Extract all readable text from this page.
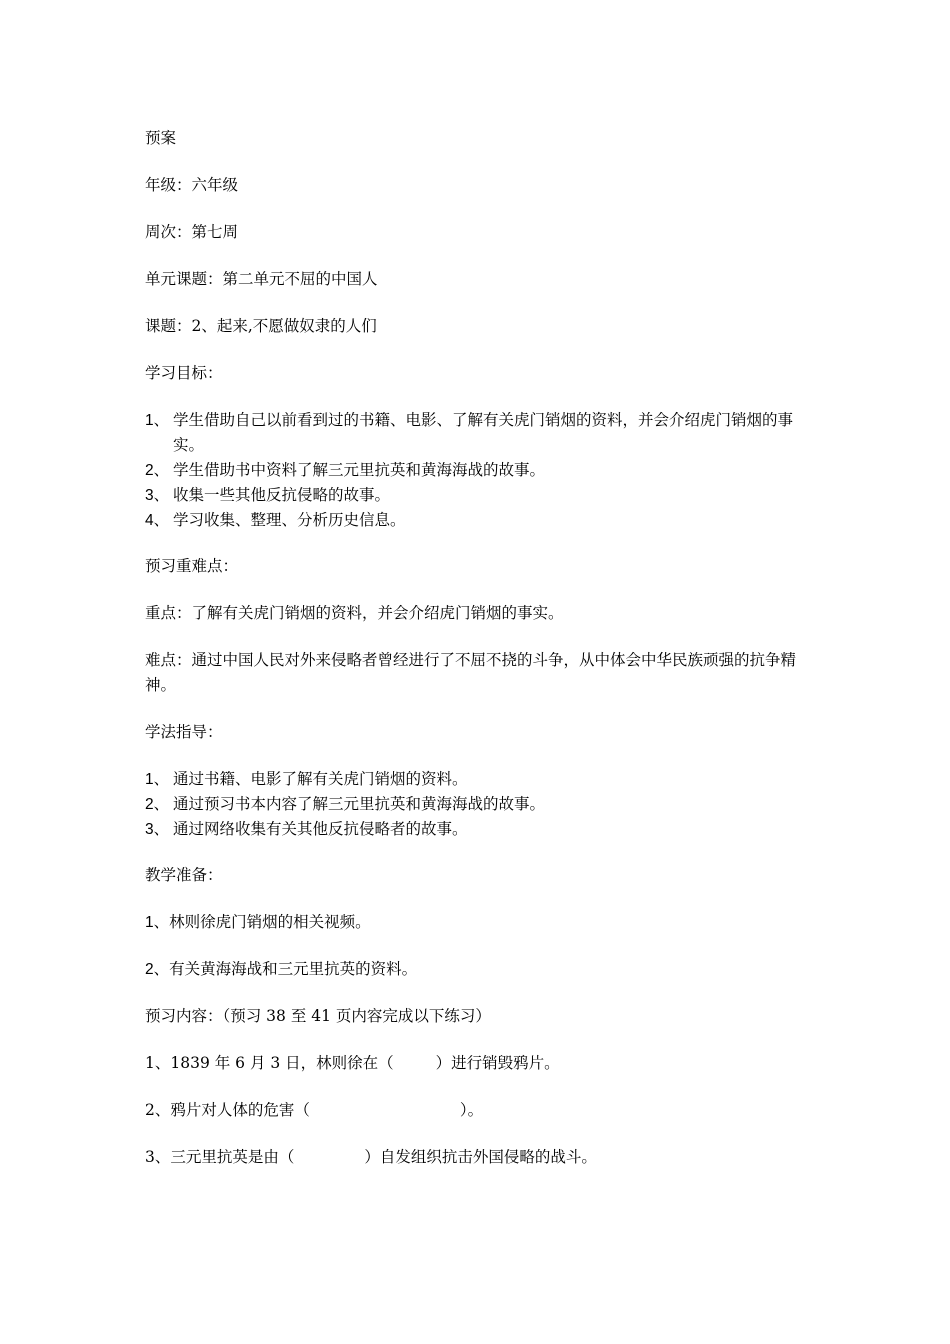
预案

年级：六年级

周次：第七周

单元课题：第二单元不屈的中国人

课题：2、起来,不愿做奴隶的人们

学习目标：

1、 学生借助自己以前看到过的书籍、电影、了解有关虎门销烟的资料，并会介绍虎门销烟的事实。
2、 学生借助书中资料了解三元里抗英和黄海海战的故事。
3、 收集一些其他反抗侵略的故事。
4、 学习收集、整理、分析历史信息。

预习重难点：

重点：了解有关虎门销烟的资料，并会介绍虎门销烟的事实。

难点：通过中国人民对外来侵略者曾经进行了不屈不挠的斗争，从中体会中华民族顽强的抗争精神。

学法指导：

1、 通过书籍、电影了解有关虎门销烟的资料。
2、 通过预习书本内容了解三元里抗英和黄海海战的故事。
3、 通过网络收集有关其他反抗侵略者的故事。

教学准备：

1、林则徐虎门销烟的相关视频。

2、有关黄海海战和三元里抗英的资料。

预习内容：（预习 38 至 41 页内容完成以下练习）

1、1839 年 6 月 3 日，林则徐在（	）进行销毁鸦片。

2、鸦片对人体的危害（	）。

3、三元里抗英是由（	）自发组织抗击外国侵略的战斗。
